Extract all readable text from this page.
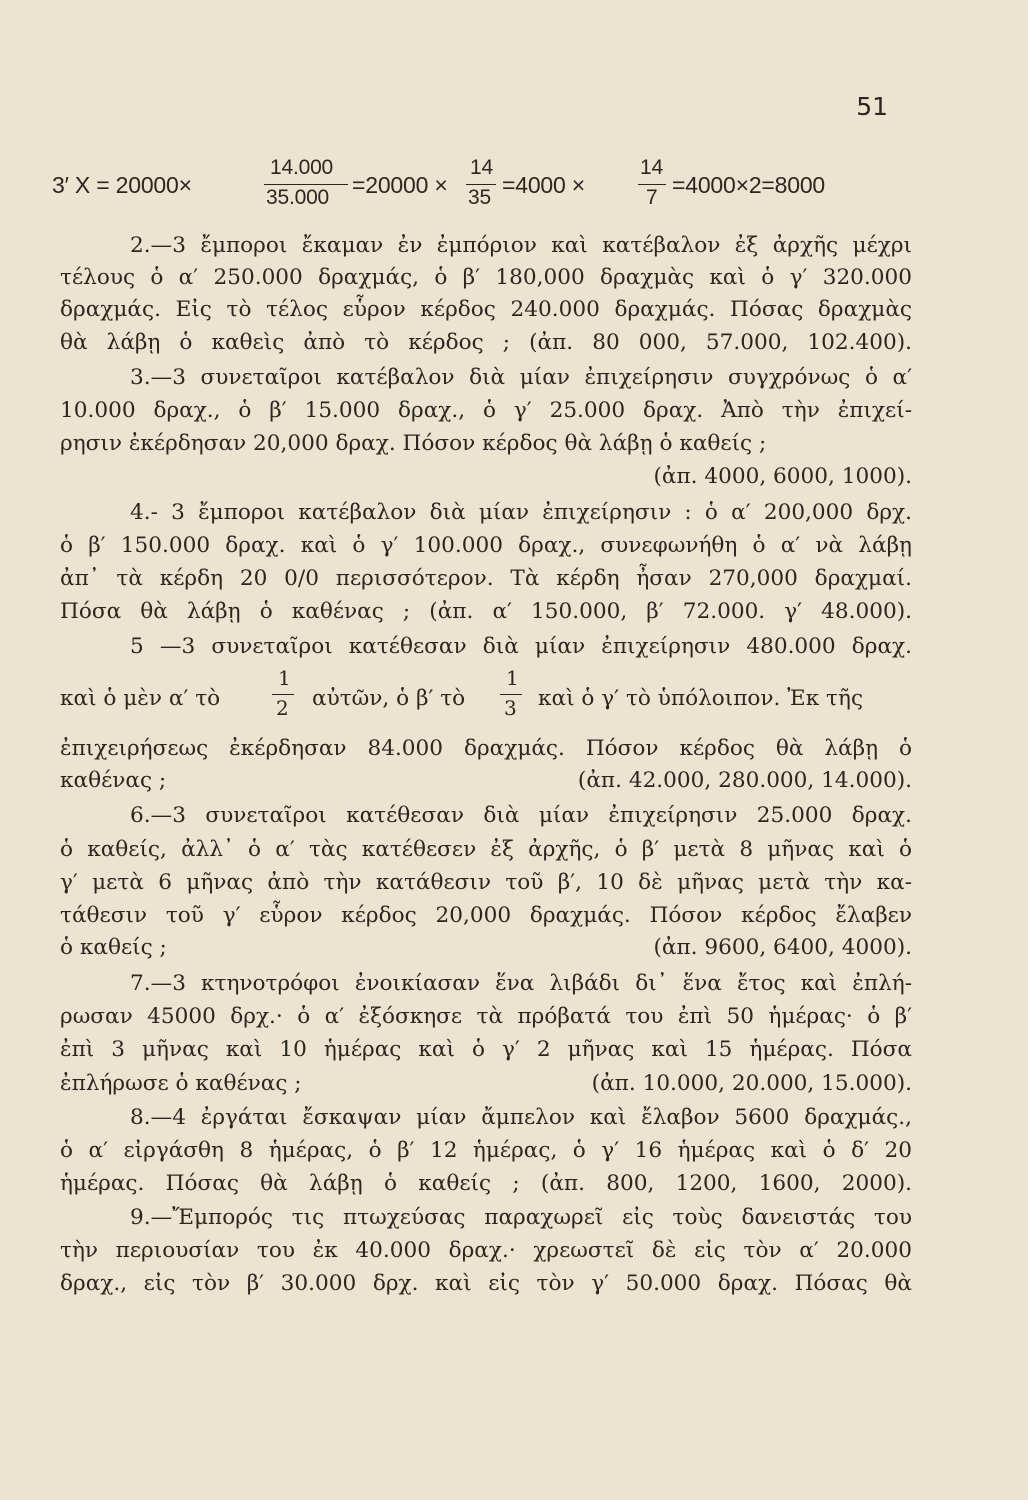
51
3′ X = 20000×
14.000
35.000 =20000 ×
14
35 =4000 ×
14
7 =4000×2=8000
2.—3 ἔμποροι ἔκαμαν ἐν ἐμπόριον καὶ κατέβαλον ἐξ ἀρχῆς μέχρι
τέλους ὁ α′ 250.000 δραχμάς, ὁ β′ 180,000 δραχμὰς καὶ ὁ γ′ 320.000
δραχμάς. Εἰς τὸ τέλος εὗρον κέρδος 240.000 δραχμάς. Πόσας δραχμὰς
θὰ λάβῃ ὁ καθεὶς ἀπὸ τὸ κέρδος ; (ἀπ. 80 000, 57.000, 102.400).
3.—3 συνεταῖροι κατέβαλον διὰ μίαν ἐπιχείρησιν συγχρόνως ὁ α′
10.000 δραχ., ὁ β′ 15.000 δραχ., ὁ γ′ 25.000 δραχ. Ἀπὸ τὴν ἐπιχεί-
ρησιν ἐκέρδησαν 20,000 δραχ. Πόσον κέρδος θὰ λάβῃ ὁ καθείς ;
(ἀπ. 4000, 6000, 1000).
4.- 3 ἔμποροι κατέβαλον διὰ μίαν ἐπιχείρησιν : ὁ α′ 200,000 δρχ.
ὁ β′ 150.000 δραχ. καὶ ὁ γ′ 100.000 δραχ., συνεφωνήθη ὁ α′ νὰ λάβῃ
ἀπ᾽ τὰ κέρδη 20 0/0 περισσότερον. Τὰ κέρδη ἦσαν 270,000 δραχμαί.
Πόσα θὰ λάβῃ ὁ καθένας ; (ἀπ. α′ 150.000, β′ 72.000. γ′ 48.000).
5 —3 συνεταῖροι κατέθεσαν διὰ μίαν ἐπιχείρησιν 480.000 δραχ.
καὶ ὁ μὲν α′ τὸ
1
2 αὐτῶν, ὁ β′ τὸ
1
3 καὶ ὁ γ′ τὸ ὑπόλοιπον. Ἐκ τῆς
ἐπιχειρήσεως ἐκέρδησαν 84.000 δραχμάς. Πόσον κέρδος θὰ λάβῃ ὁ
καθένας ;	(ἀπ. 42.000, 280.000, 14.000).
6.—3 συνεταῖροι κατέθεσαν διὰ μίαν ἐπιχείρησιν 25.000 δραχ.
ὁ καθείς, ἀλλ᾽ ὁ α′ τὰς κατέθεσεν ἐξ ἀρχῆς, ὁ β′ μετὰ 8 μῆνας καὶ ὁ
γ′ μετὰ 6 μῆνας ἀπὸ τὴν κατάθεσιν τοῦ β′, 10 δὲ μῆνας μετὰ τὴν κα-
τάθεσιν τοῦ γ′ εὗρον κέρδος 20,000 δραχμάς. Πόσον κέρδος ἔλαβεν
ὁ καθείς ;	(ἀπ. 9600, 6400, 4000).
7.—3 κτηνοτρόφοι ἐνοικίασαν ἕνα λιβάδι δι᾽ ἕνα ἔτος καὶ ἐπλή-
ρωσαν 45000 δρχ.· ὁ α′ ἐξόσκησε τὰ πρόβατά του ἐπὶ 50 ἡμέρας· ὁ β′
ἐπὶ 3 μῆνας καὶ 10 ἡμέρας καὶ ὁ γ′ 2 μῆνας καὶ 15 ἡμέρας. Πόσα
ἐπλήρωσε ὁ καθένας ;	(ἀπ. 10.000, 20.000, 15.000).
8.—4 ἐργάται ἔσκαψαν μίαν ἄμπελον καὶ ἔλαβον 5600 δραχμάς.,
ὁ α′ εἰργάσθη 8 ἡμέρας, ὁ β′ 12 ἡμέρας, ὁ γ′ 16 ἡμέρας καὶ ὁ δ′ 20
ἡμέρας. Πόσας θὰ λάβῃ ὁ καθείς ; (ἀπ. 800, 1200, 1600, 2000).
9.—Ἔμπορός τις πτωχεύσας παραχωρεῖ εἰς τοὺς δανειστάς του
τὴν περιουσίαν του ἐκ 40.000 δραχ.· χρεωστεῖ δὲ εἰς τὸν α′ 20.000
δραχ., εἰς τὸν β′ 30.000 δρχ. καὶ εἰς τὸν γ′ 50.000 δραχ. Πόσας θὰ
